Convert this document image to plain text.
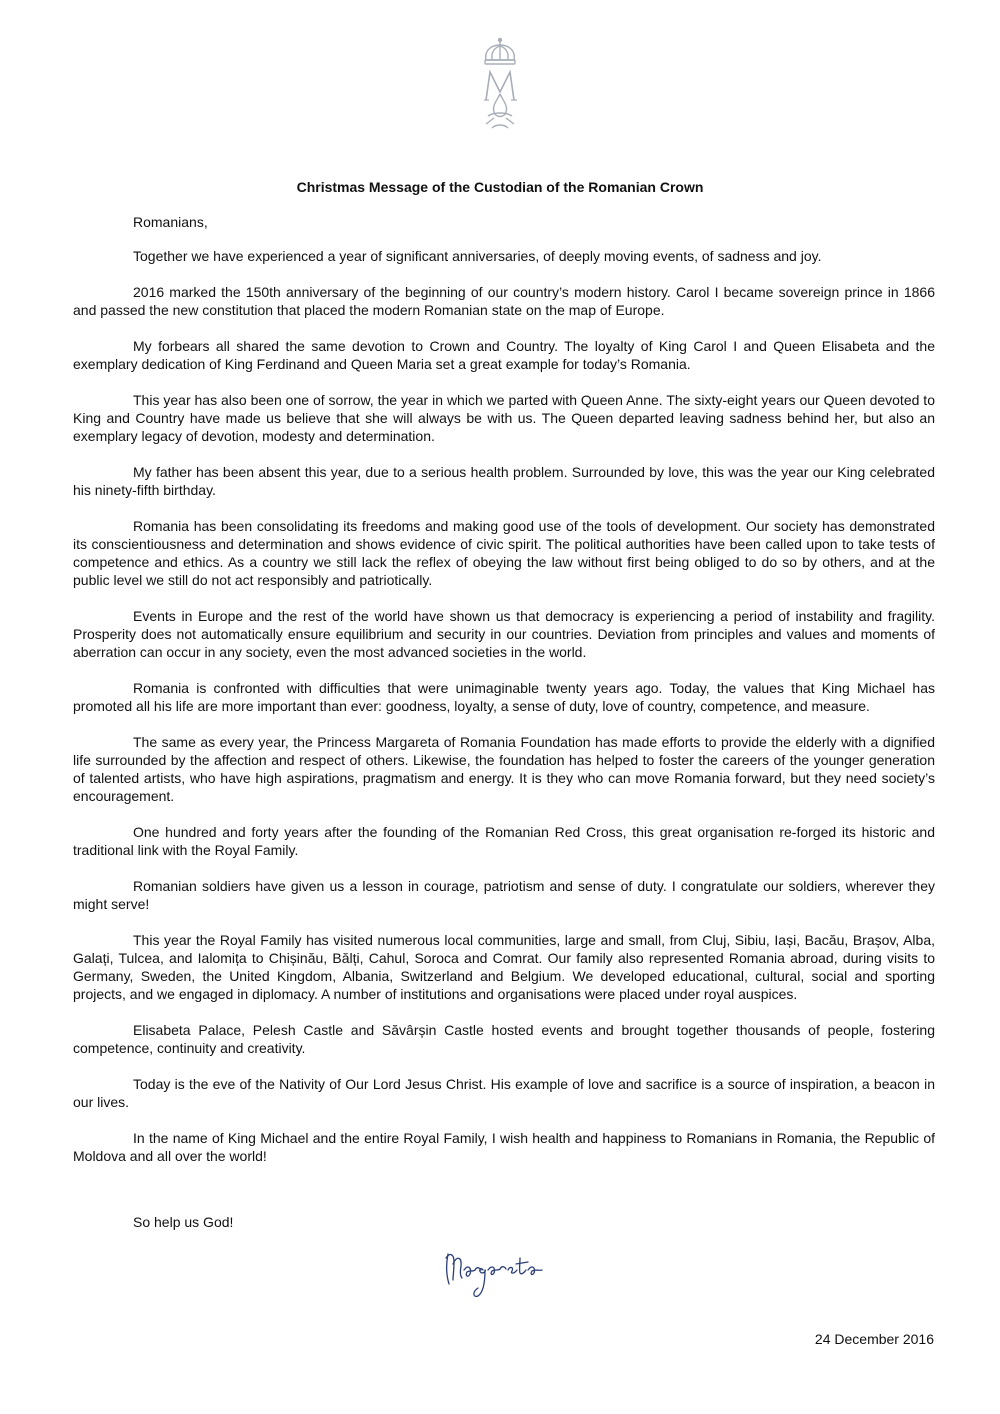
Christmas Message of the Custodian of the Romanian Crown
Romanians,

Together we have experienced a year of significant anniversaries, of deeply moving events, of sadness and joy.

2016 marked the 150th anniversary of the beginning of our country’s modern history. Carol I became sovereign prince in 1866 and passed the new constitution that placed the modern Romanian state on the map of Europe.

My forbears all shared the same devotion to Crown and Country. The loyalty of King Carol I and Queen Elisabeta and the exemplary dedication of King Ferdinand and Queen Maria set a great example for today’s Romania.

This year has also been one of sorrow, the year in which we parted with Queen Anne. The sixty-eight years our Queen devoted to King and Country have made us believe that she will always be with us. The Queen departed leaving sadness behind her, but also an exemplary legacy of devotion, modesty and determination.

My father has been absent this year, due to a serious health problem. Surrounded by love, this was the year our King celebrated his ninety-fifth birthday.

Romania has been consolidating its freedoms and making good use of the tools of development. Our society has demonstrated its conscientiousness and determination and shows evidence of civic spirit. The political authorities have been called upon to take tests of competence and ethics. As a country we still lack the reflex of obeying the law without first being obliged to do so by others, and at the public level we still do not act responsibly and patriotically.

Events in Europe and the rest of the world have shown us that democracy is experiencing a period of instability and fragility. Prosperity does not automatically ensure equilibrium and security in our countries. Deviation from principles and values and moments of aberration can occur in any society, even the most advanced societies in the world.

Romania is confronted with difficulties that were unimaginable twenty years ago. Today, the values that King Michael has promoted all his life are more important than ever: goodness, loyalty, a sense of duty, love of country, competence, and measure.

The same as every year, the Princess Margareta of Romania Foundation has made efforts to provide the elderly with a dignified life surrounded by the affection and respect of others. Likewise, the foundation has helped to foster the careers of the younger generation of talented artists, who have high aspirations, pragmatism and energy. It is they who can move Romania forward, but they need society’s encouragement.

One hundred and forty years after the founding of the Romanian Red Cross, this great organisation re-forged its historic and traditional link with the Royal Family.

Romanian soldiers have given us a lesson in courage, patriotism and sense of duty. I congratulate our soldiers, wherever they might serve!

This year the Royal Family has visited numerous local communities, large and small, from Cluj, Sibiu, Iași, Bacău, Brașov, Alba, Galați, Tulcea, and Ialomița to Chișinău, Bălți, Cahul, Soroca and Comrat. Our family also represented Romania abroad, during visits to Germany, Sweden, the United Kingdom, Albania, Switzerland and Belgium. We developed educational, cultural, social and sporting projects, and we engaged in diplomacy. A number of institutions and organisations were placed under royal auspices.

Elisabeta Palace, Pelesh Castle and Săvârșin Castle hosted events and brought together thousands of people, fostering competence, continuity and creativity.

Today is the eve of the Nativity of Our Lord Jesus Christ. His example of love and sacrifice is a source of inspiration, a beacon in our lives.

In the name of King Michael and the entire Royal Family, I wish health and happiness to Romanians in Romania, the Republic of Moldova and all over the world!

So help us God!
24 December 2016
